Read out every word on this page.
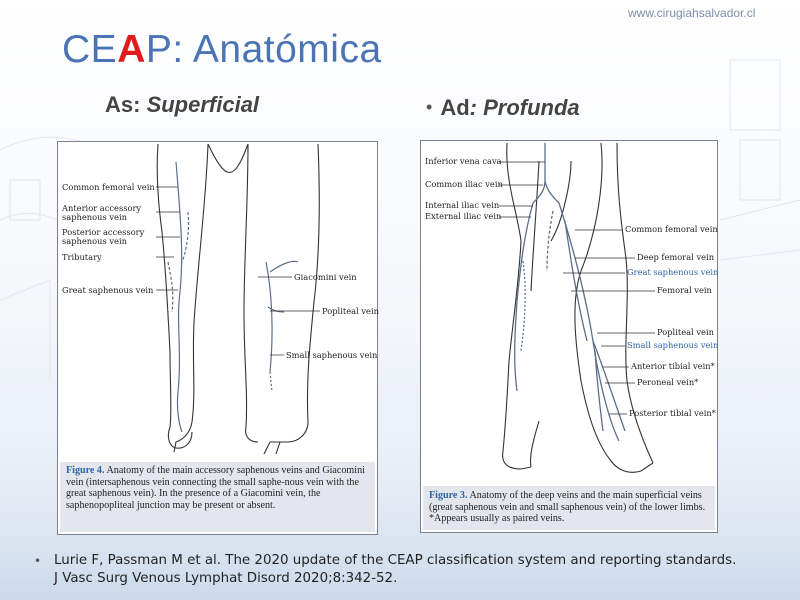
www.cirugiahsalvador.cl
CEAP: Anatómica
As: Superficial	• Ad: Profunda
Common femoral vein
Anterior accessory
saphenous vein
Posterior accessory
saphenous vein
Tributary
Great saphenous vein
Giacomini vein
Popliteal vein
Small saphenous vein
Figure 4. Anatomy of the main accessory saphenous veins and Giacomini vein (intersaphenous vein connecting the small saphe-nous vein with the great saphenous vein). In the presence of a Giacomini vein, the saphenopopliteal junction may be present or absent.
Inferior vena cava
Common iliac vein
Internal iliac vein
External iliac vein
Common femoral vein
Deep femoral vein
Great saphenous vein
Femoral vein
Popliteal vein
Small saphenous vein
Anterior tibial vein*
Peroneal vein*
Posterior tibial vein*
Figure 3. Anatomy of the deep veins and the main superficial veins (great saphenous vein and small saphenous vein) of the lower limbs. *Appears usually as paired veins.
• Lurie F, Passman M et al. The 2020 update of the CEAP classification system and reporting standards. J Vasc Surg Venous Lymphat Disord 2020;8:342-52.
